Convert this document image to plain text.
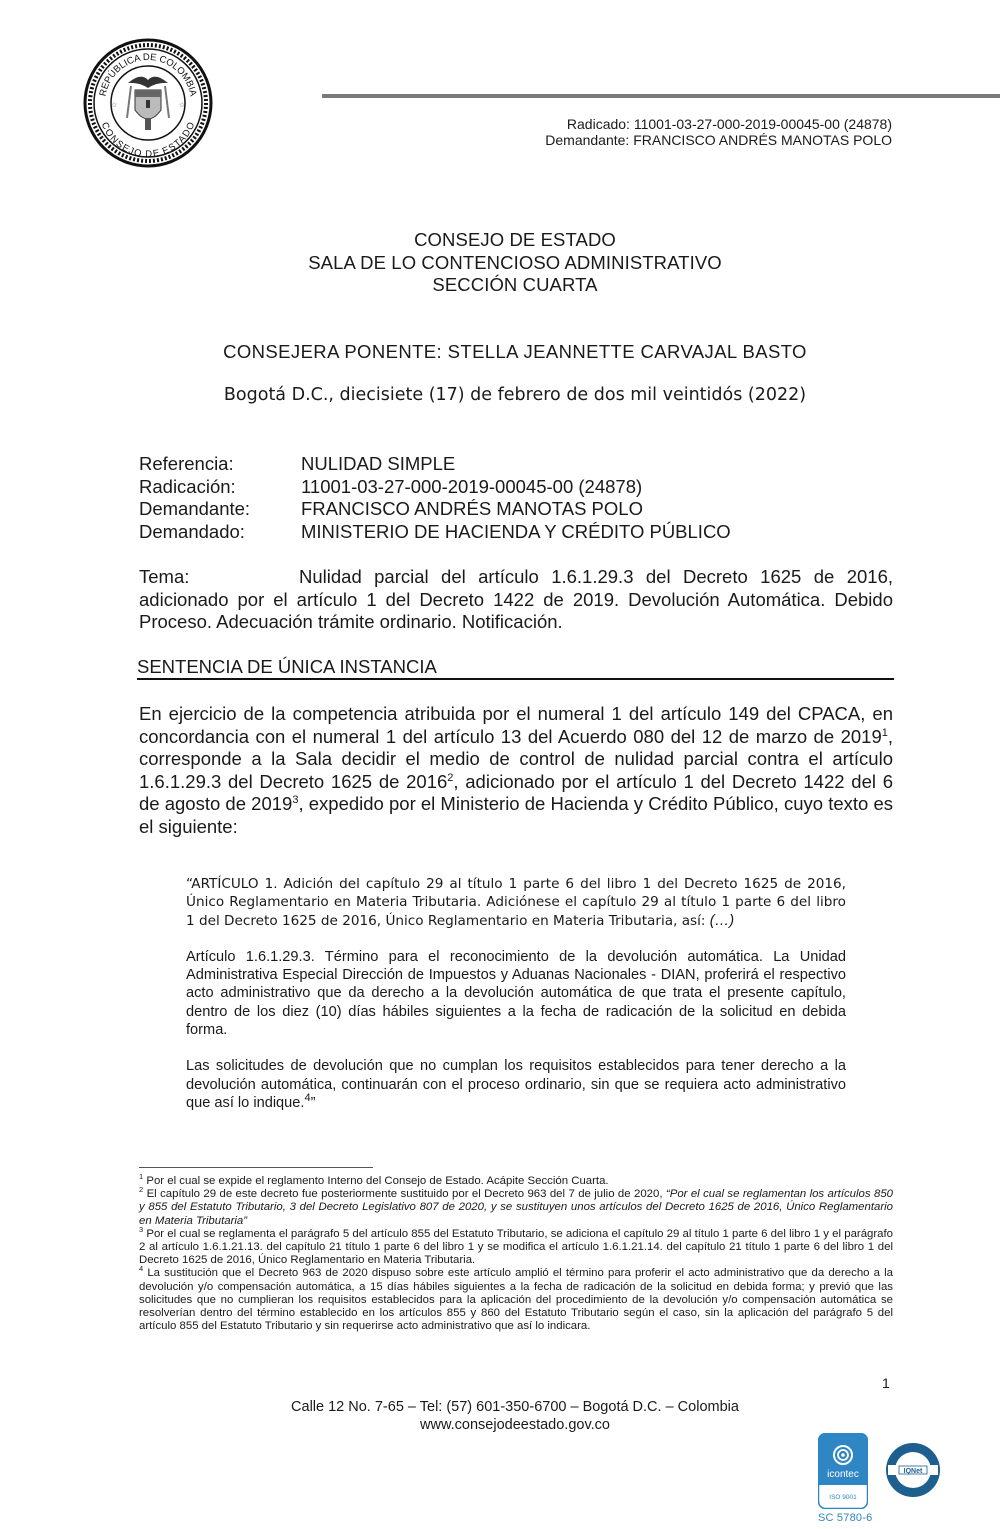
REPÚBLICA DE COLOMBIA
CONSEJO DE ESTADO
☆	☆
Radicado: 11001-03-27-000-2019-00045-00 (24878)
Demandante: FRANCISCO ANDRÉS MANOTAS POLO
CONSEJO DE ESTADO
SALA DE LO CONTENCIOSO ADMINISTRATIVO
SECCIÓN CUARTA
CONSEJERA PONENTE: STELLA JEANNETTE CARVAJAL BASTO
Bogotá D.C., diecisiete (17) de febrero de dos mil veintidós (2022)
Referencia:	NULIDAD SIMPLE
Radicación:	11001-03-27-000-2019-00045-00 (24878)
Demandante:	FRANCISCO ANDRÉS MANOTAS POLO
Demandado:	MINISTERIO DE HACIENDA Y CRÉDITO PÚBLICO
Tema:	Nulidad parcial del artículo 1.6.1.29.3 del Decreto 1625 de 2016, adicionado por el artículo 1 del Decreto 1422 de 2019. Devolución Automática. Debido Proceso. Adecuación trámite ordinario. Notificación.
SENTENCIA DE ÚNICA INSTANCIA
En ejercicio de la competencia atribuida por el numeral 1 del artículo 149 del CPACA, en concordancia con el numeral 1 del artículo 13 del Acuerdo 080 del 12 de marzo de 2019$^1$, corresponde a la Sala decidir el medio de control de nulidad parcial contra el artículo 1.6.1.29.3 del Decreto 1625 de 2016$^2$, adicionado por el artículo 1 del Decreto 1422 del 6 de agosto de 2019$^3$, expedido por el Ministerio de Hacienda y Crédito Público, cuyo texto es el siguiente:

“ARTÍCULO 1. Adición del capítulo 29 al título 1 parte 6 del libro 1 del Decreto 1625 de 2016, Único Reglamentario en Materia Tributaria. Adiciónese el capítulo 29 al título 1 parte 6 del libro 1 del Decreto 1625 de 2016, Único Reglamentario en Materia Tributaria, así: (…)

Artículo 1.6.1.29.3. Término para el reconocimiento de la devolución automática. La Unidad Administrativa Especial Dirección de Impuestos y Aduanas Nacionales - DIAN, proferirá el respectivo acto administrativo que da derecho a la devolución automática de que trata el presente capítulo, dentro de los diez (10) días hábiles siguientes a la fecha de radicación de la solicitud en debida forma.

Las solicitudes de devolución que no cumplan los requisitos establecidos para tener derecho a la devolución automática, continuarán con el proceso ordinario, sin que se requiera acto administrativo que así lo indique.$^4$”

$^1$ Por el cual se expide el reglamento Interno del Consejo de Estado. Acápite Sección Cuarta.

$^2$ El capítulo 29 de este decreto fue posteriormente sustituido por el Decreto 963 del 7 de julio de 2020, “Por el cual se reglamentan los artículos 850 y 855 del Estatuto Tributario, 3 del Decreto Legislativo 807 de 2020, y se sustituyen unos artículos del Decreto 1625 de 2016, Único Reglamentario en Materia Tributaria”

$^3$ Por el cual se reglamenta el parágrafo 5 del artículo 855 del Estatuto Tributario, se adiciona el capítulo 29 al título 1 parte 6 del libro 1 y el parágrafo 2 al artículo 1.6.1.21.13. del capítulo 21 título 1 parte 6 del libro 1 y se modifica el artículo 1.6.1.21.14. del capítulo 21 título 1 parte 6 del libro 1 del Decreto 1625 de 2016, Único Reglamentario en Materia Tributaria.

$^4$ La sustitución que el Decreto 963 de 2020 dispuso sobre este artículo amplió el término para proferir el acto administrativo que da derecho a la devolución y/o compensación automática, a 15 días hábiles siguientes a la fecha de radicación de la solicitud en debida forma; y previó que las solicitudes que no cumplieran los requisitos establecidos para la aplicación del procedimiento de la devolución y/o compensación automática se resolverían dentro del término establecido en los artículos 855 y 860 del Estatuto Tributario según el caso, sin la aplicación del parágrafo 5 del artículo 855 del Estatuto Tributario y sin requerirse acto administrativo que así lo indicara.

1
Calle 12 No. 7-65 – Tel: (57) 601-350-6700 – Bogotá D.C. – Colombia
www.consejodeestado.gov.co
icontec
ISO 9001
IQNet
SC 5780-6
